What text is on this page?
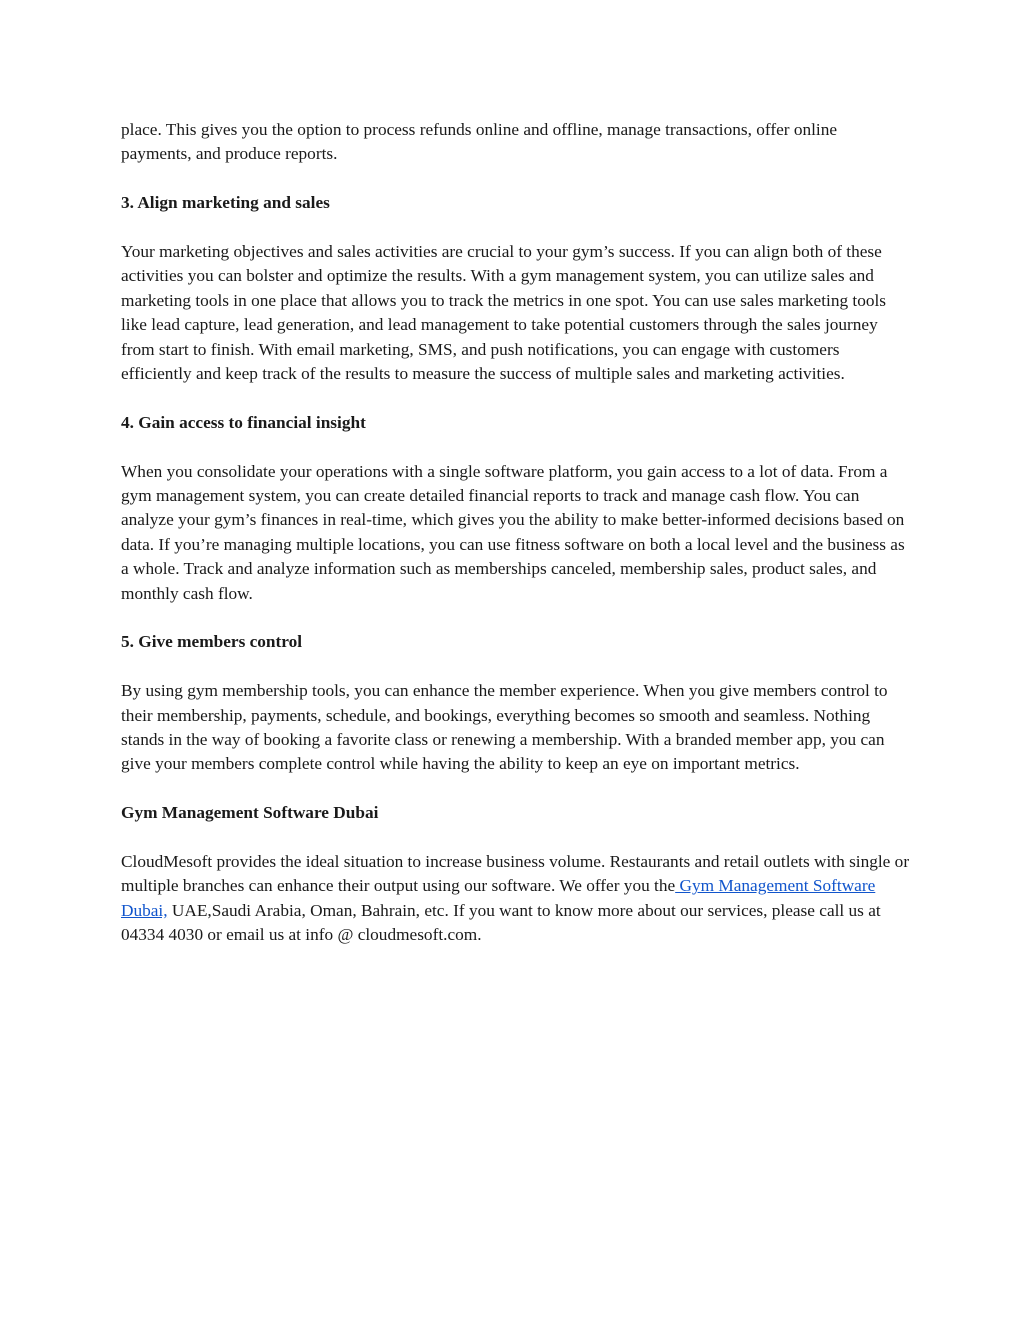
place. This gives you the option to process refunds online and offline, manage transactions, offer online payments, and produce reports.

3. Align marketing and sales

Your marketing objectives and sales activities are crucial to your gym’s success. If you can align both of these activities you can bolster and optimize the results. With a gym management system, you can utilize sales and marketing tools in one place that allows you to track the metrics in one spot. You can use sales marketing tools like lead capture, lead generation, and lead management to take potential customers through the sales journey from start to finish. With email marketing, SMS, and push notifications, you can engage with customers efficiently and keep track of the results to measure the success of multiple sales and marketing activities.

4. Gain access to financial insight

When you consolidate your operations with a single software platform, you gain access to a lot of data. From a gym management system, you can create detailed financial reports to track and manage cash flow. You can analyze your gym’s finances in real-time, which gives you the ability to make better-informed decisions based on data. If you’re managing multiple locations, you can use fitness software on both a local level and the business as a whole. Track and analyze information such as memberships canceled, membership sales, product sales, and monthly cash flow.

5. Give members control

By using gym membership tools, you can enhance the member experience. When you give members control to their membership, payments, schedule, and bookings, everything becomes so smooth and seamless. Nothing stands in the way of booking a favorite class or renewing a membership. With a branded member app, you can give your members complete control while having the ability to keep an eye on important metrics.

Gym Management Software Dubai

CloudMesoft provides the ideal situation to increase business volume. Restaurants and retail outlets with single or multiple branches can enhance their output using our software. We offer you the Gym Management Software Dubai, UAE,Saudi Arabia, Oman, Bahrain, etc. If you want to know more about our services, please call us at 04334 4030 or email us at info @ cloudmesoft.com.
